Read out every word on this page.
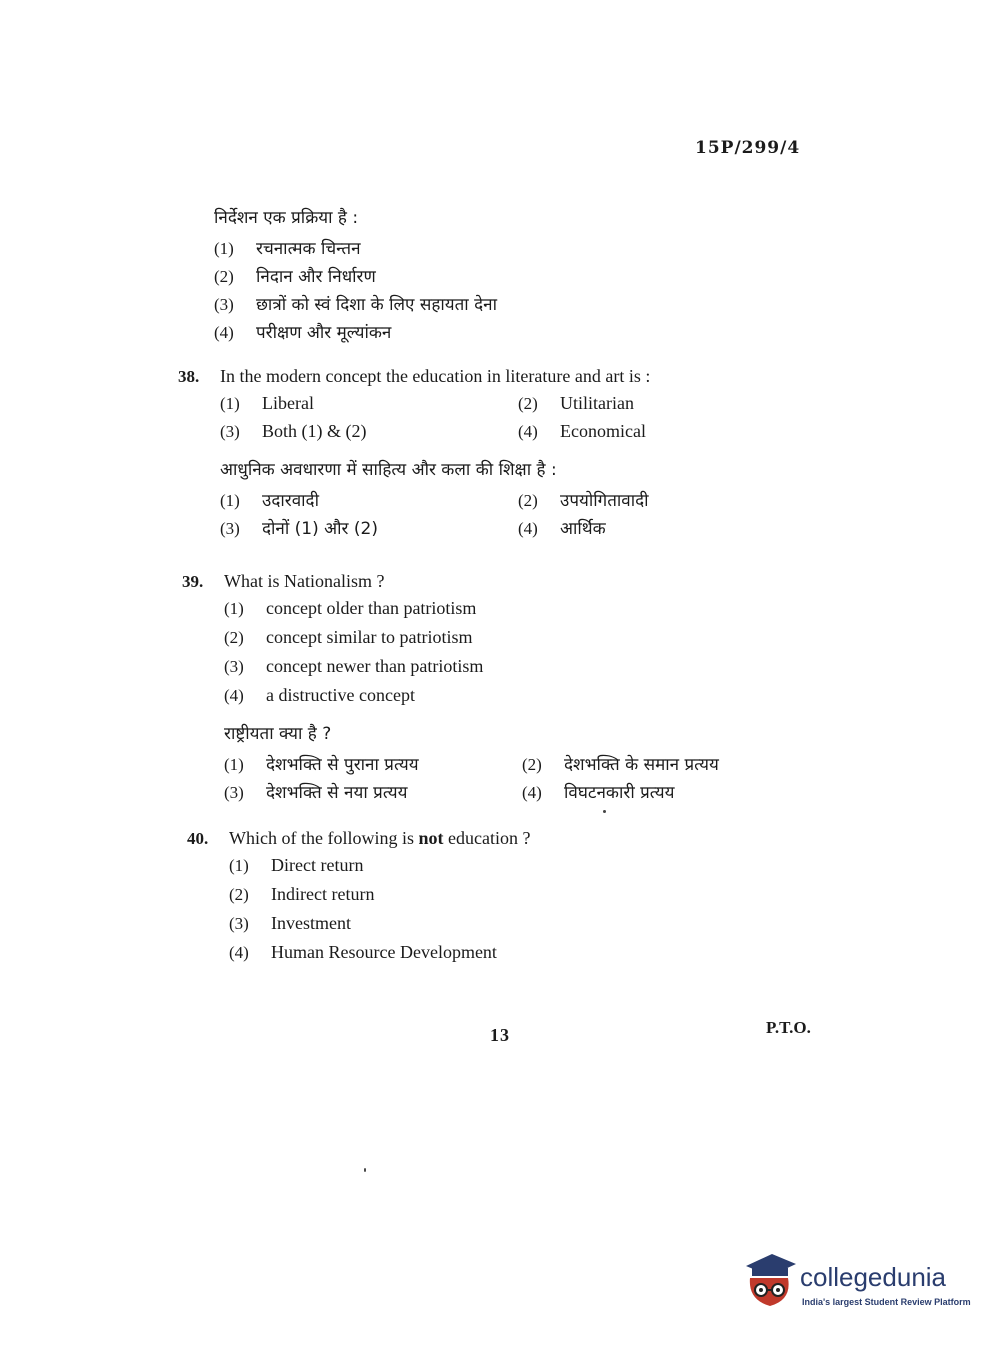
15P/299/4
निर्देशन एक प्रक्रिया है :
(1)	रचनात्मक चिन्तन
(2)	निदान और निर्धारण
(3)	छात्रों को स्वं दिशा के लिए सहायता देना
(4)	परीक्षण और मूल्यांकन
38.	In the modern concept the education in literature and art is :
(1)	Liberal	(2)	Utilitarian
(3)	Both (1) & (2)	(4)	Economical
आधुनिक अवधारणा में साहित्य और कला की शिक्षा है :
(1)	उदारवादी	(2)	उपयोगितावादी
(3)	दोनों (1) और (2)	(4)	आर्थिक
39.	What is Nationalism ?
(1)	concept older than patriotism
(2)	concept similar to patriotism
(3)	concept newer than patriotism
(4)	a distructive concept
राष्ट्रीयता क्या है ?
(1)	देशभक्ति से पुराना प्रत्यय	(2)	देशभक्ति के समान प्रत्यय
(3)	देशभक्ति से नया प्रत्यय	(4)	विघटनकारी प्रत्यय
40.	Which of the following is not education ?
(1)	Direct return
(2)	Indirect return
(3)	Investment
(4)	Human Resource Development
13	P.T.O.
collegedunia
India's largest Student Review Platform
